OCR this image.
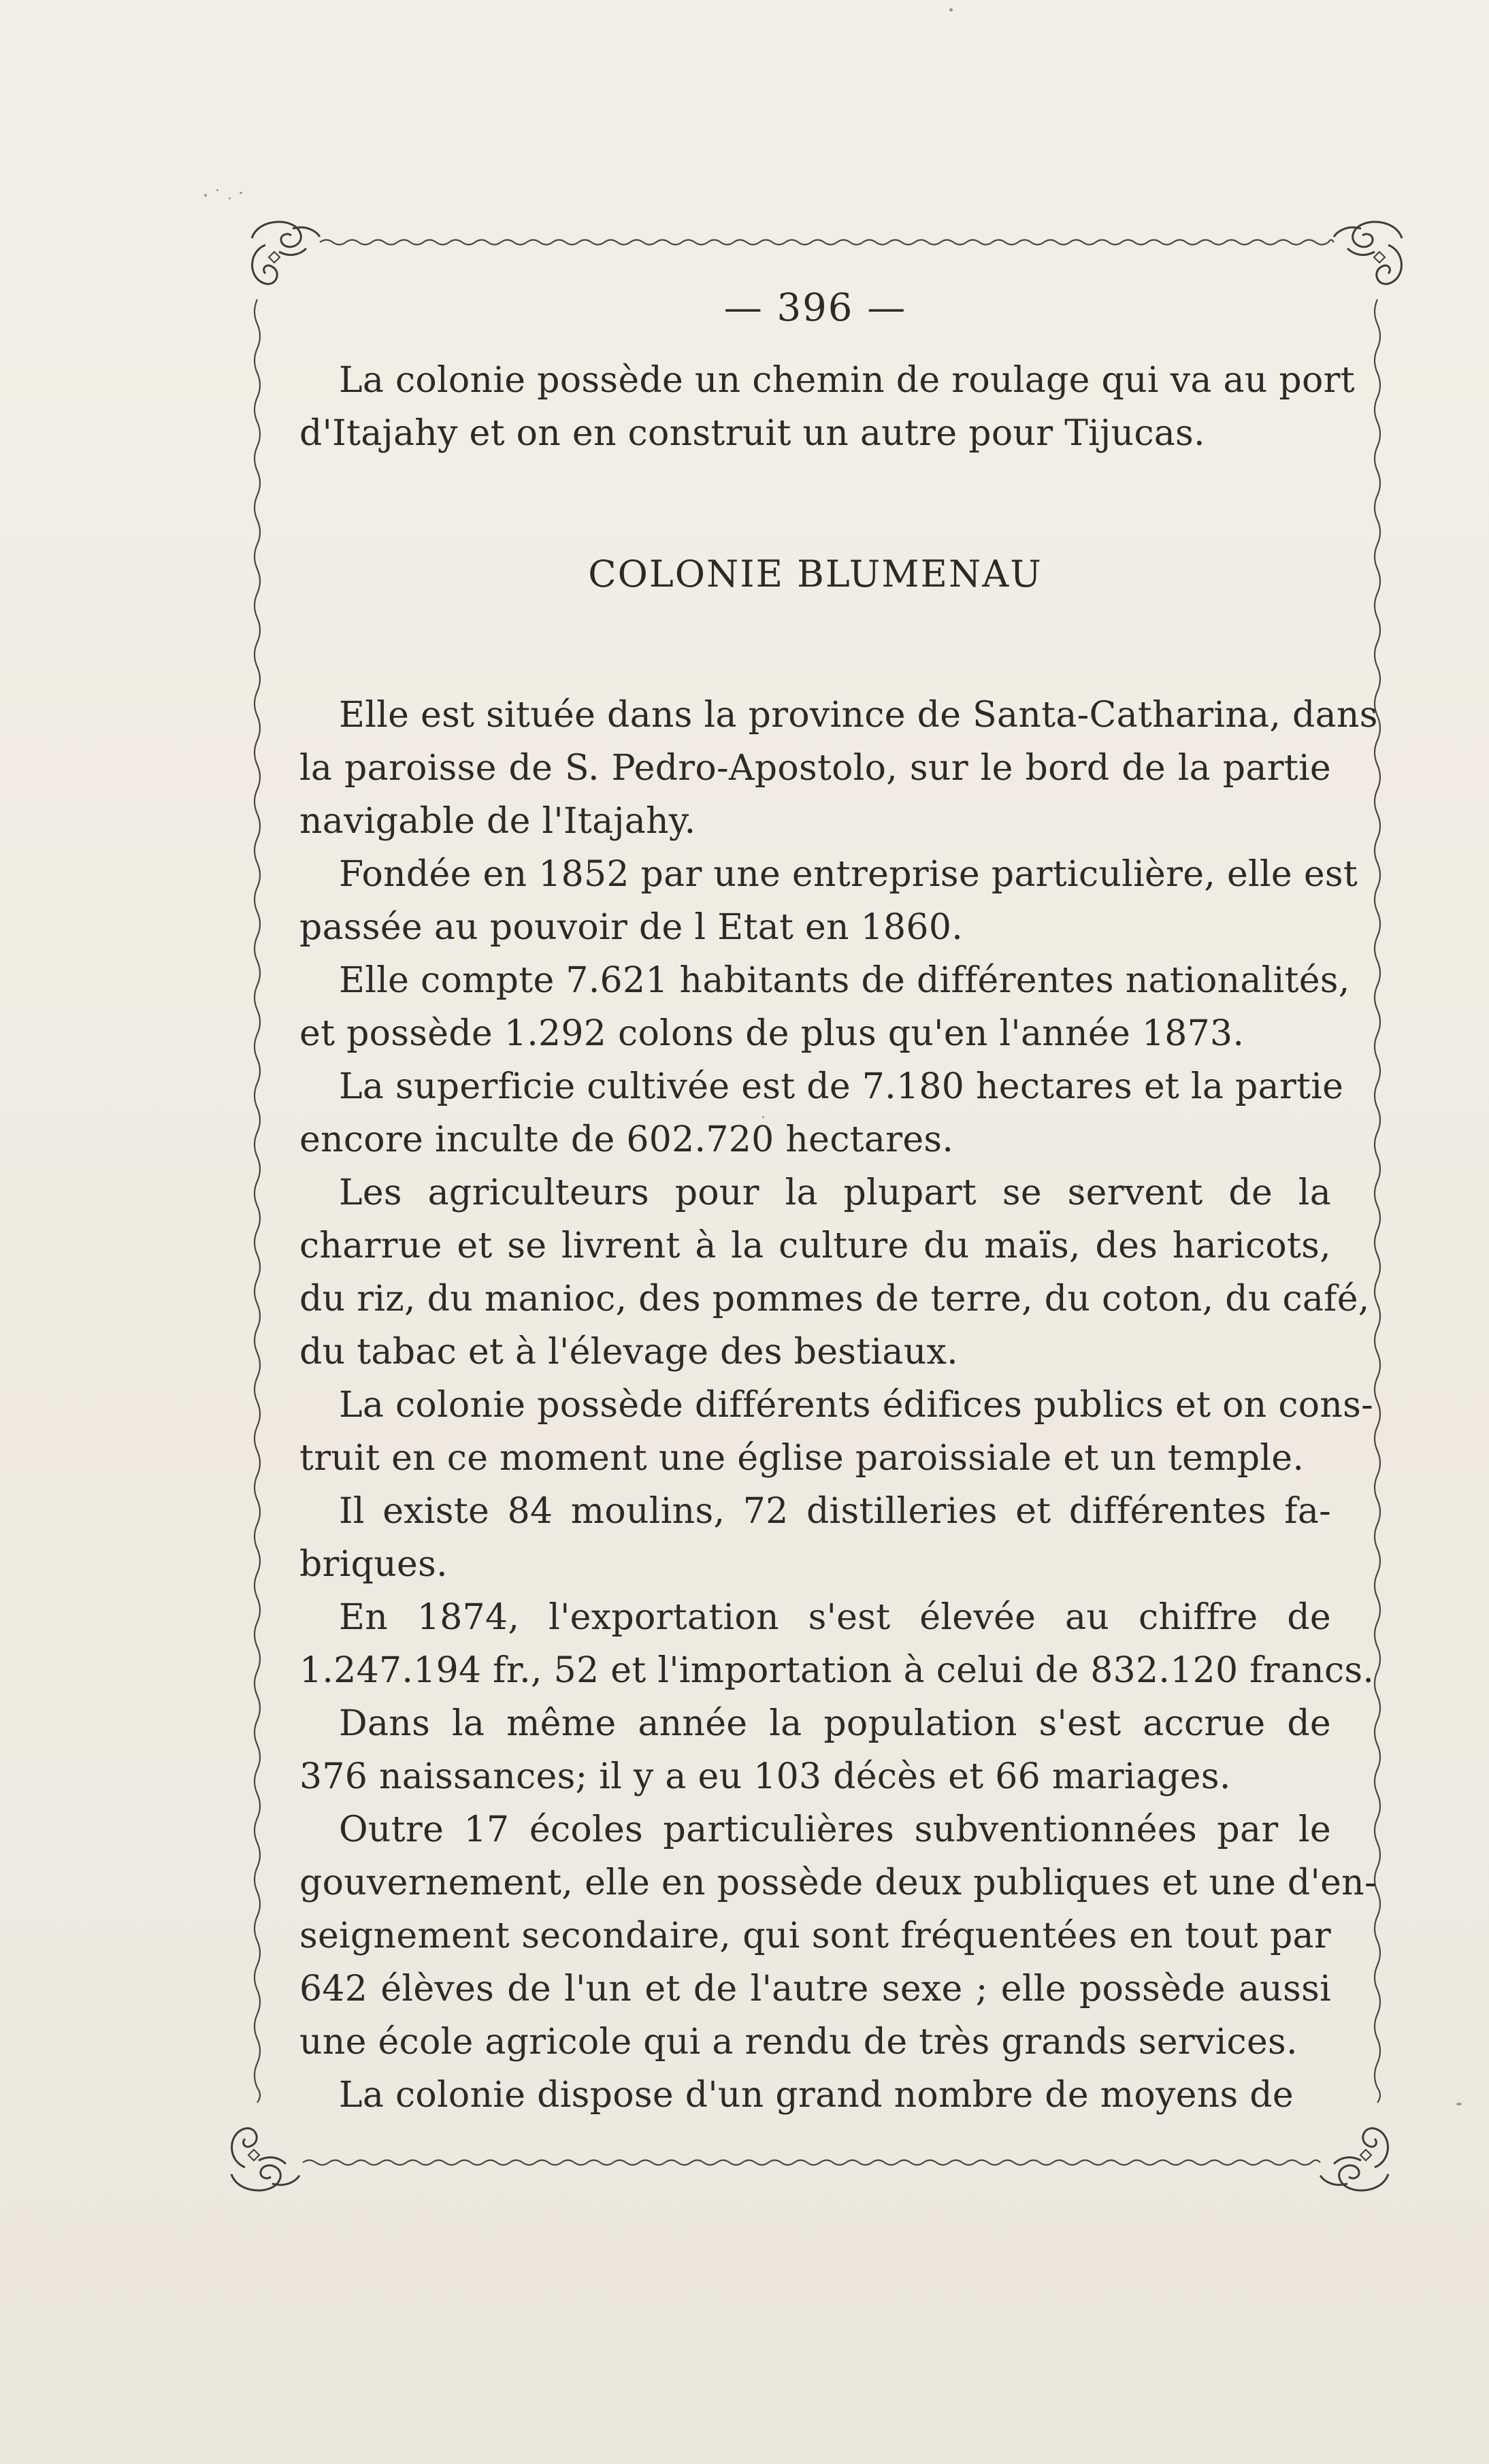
— 396 —
La colonie possède un chemin de roulage qui va au port
d'Itajahy et on en construit un autre pour Tijucas.
COLONIE BLUMENAU
Elle est située dans la province de Santa-Catharina, dans
la paroisse de S. Pedro-Apostolo, sur le bord de la partie
navigable de l'Itajahy.
Fondée en 1852 par une entreprise particulière, elle est
passée au pouvoir de l Etat en 1860.
Elle compte 7.621 habitants de différentes nationalités,
et possède 1.292 colons de plus qu'en l'année 1873.
La superficie cultivée est de 7.180 hectares et la partie
encore inculte de 602.720 hectares.
Les agriculteurs pour la plupart se servent de la
charrue et se livrent à la culture du maïs, des haricots,
du riz, du manioc, des pommes de terre, du coton, du café,
du tabac et à l'élevage des bestiaux.
La colonie possède différents édifices publics et on cons-
truit en ce moment une église paroissiale et un temple.
Il existe 84 moulins, 72 distilleries et différentes fa-
briques.
En 1874, l'exportation s'est élevée au chiffre de
1.247.194 fr., 52 et l'importation à celui de 832.120 francs.
Dans la même année la population s'est accrue de
376 naissances; il y a eu 103 décès et 66 mariages.
Outre 17 écoles particulières subventionnées par le
gouvernement, elle en possède deux publiques et une d'en-
seignement secondaire, qui sont fréquentées en tout par
642 élèves de l'un et de l'autre sexe ; elle possède aussi
une école agricole qui a rendu de très grands services.
La colonie dispose d'un grand nombre de moyens de
